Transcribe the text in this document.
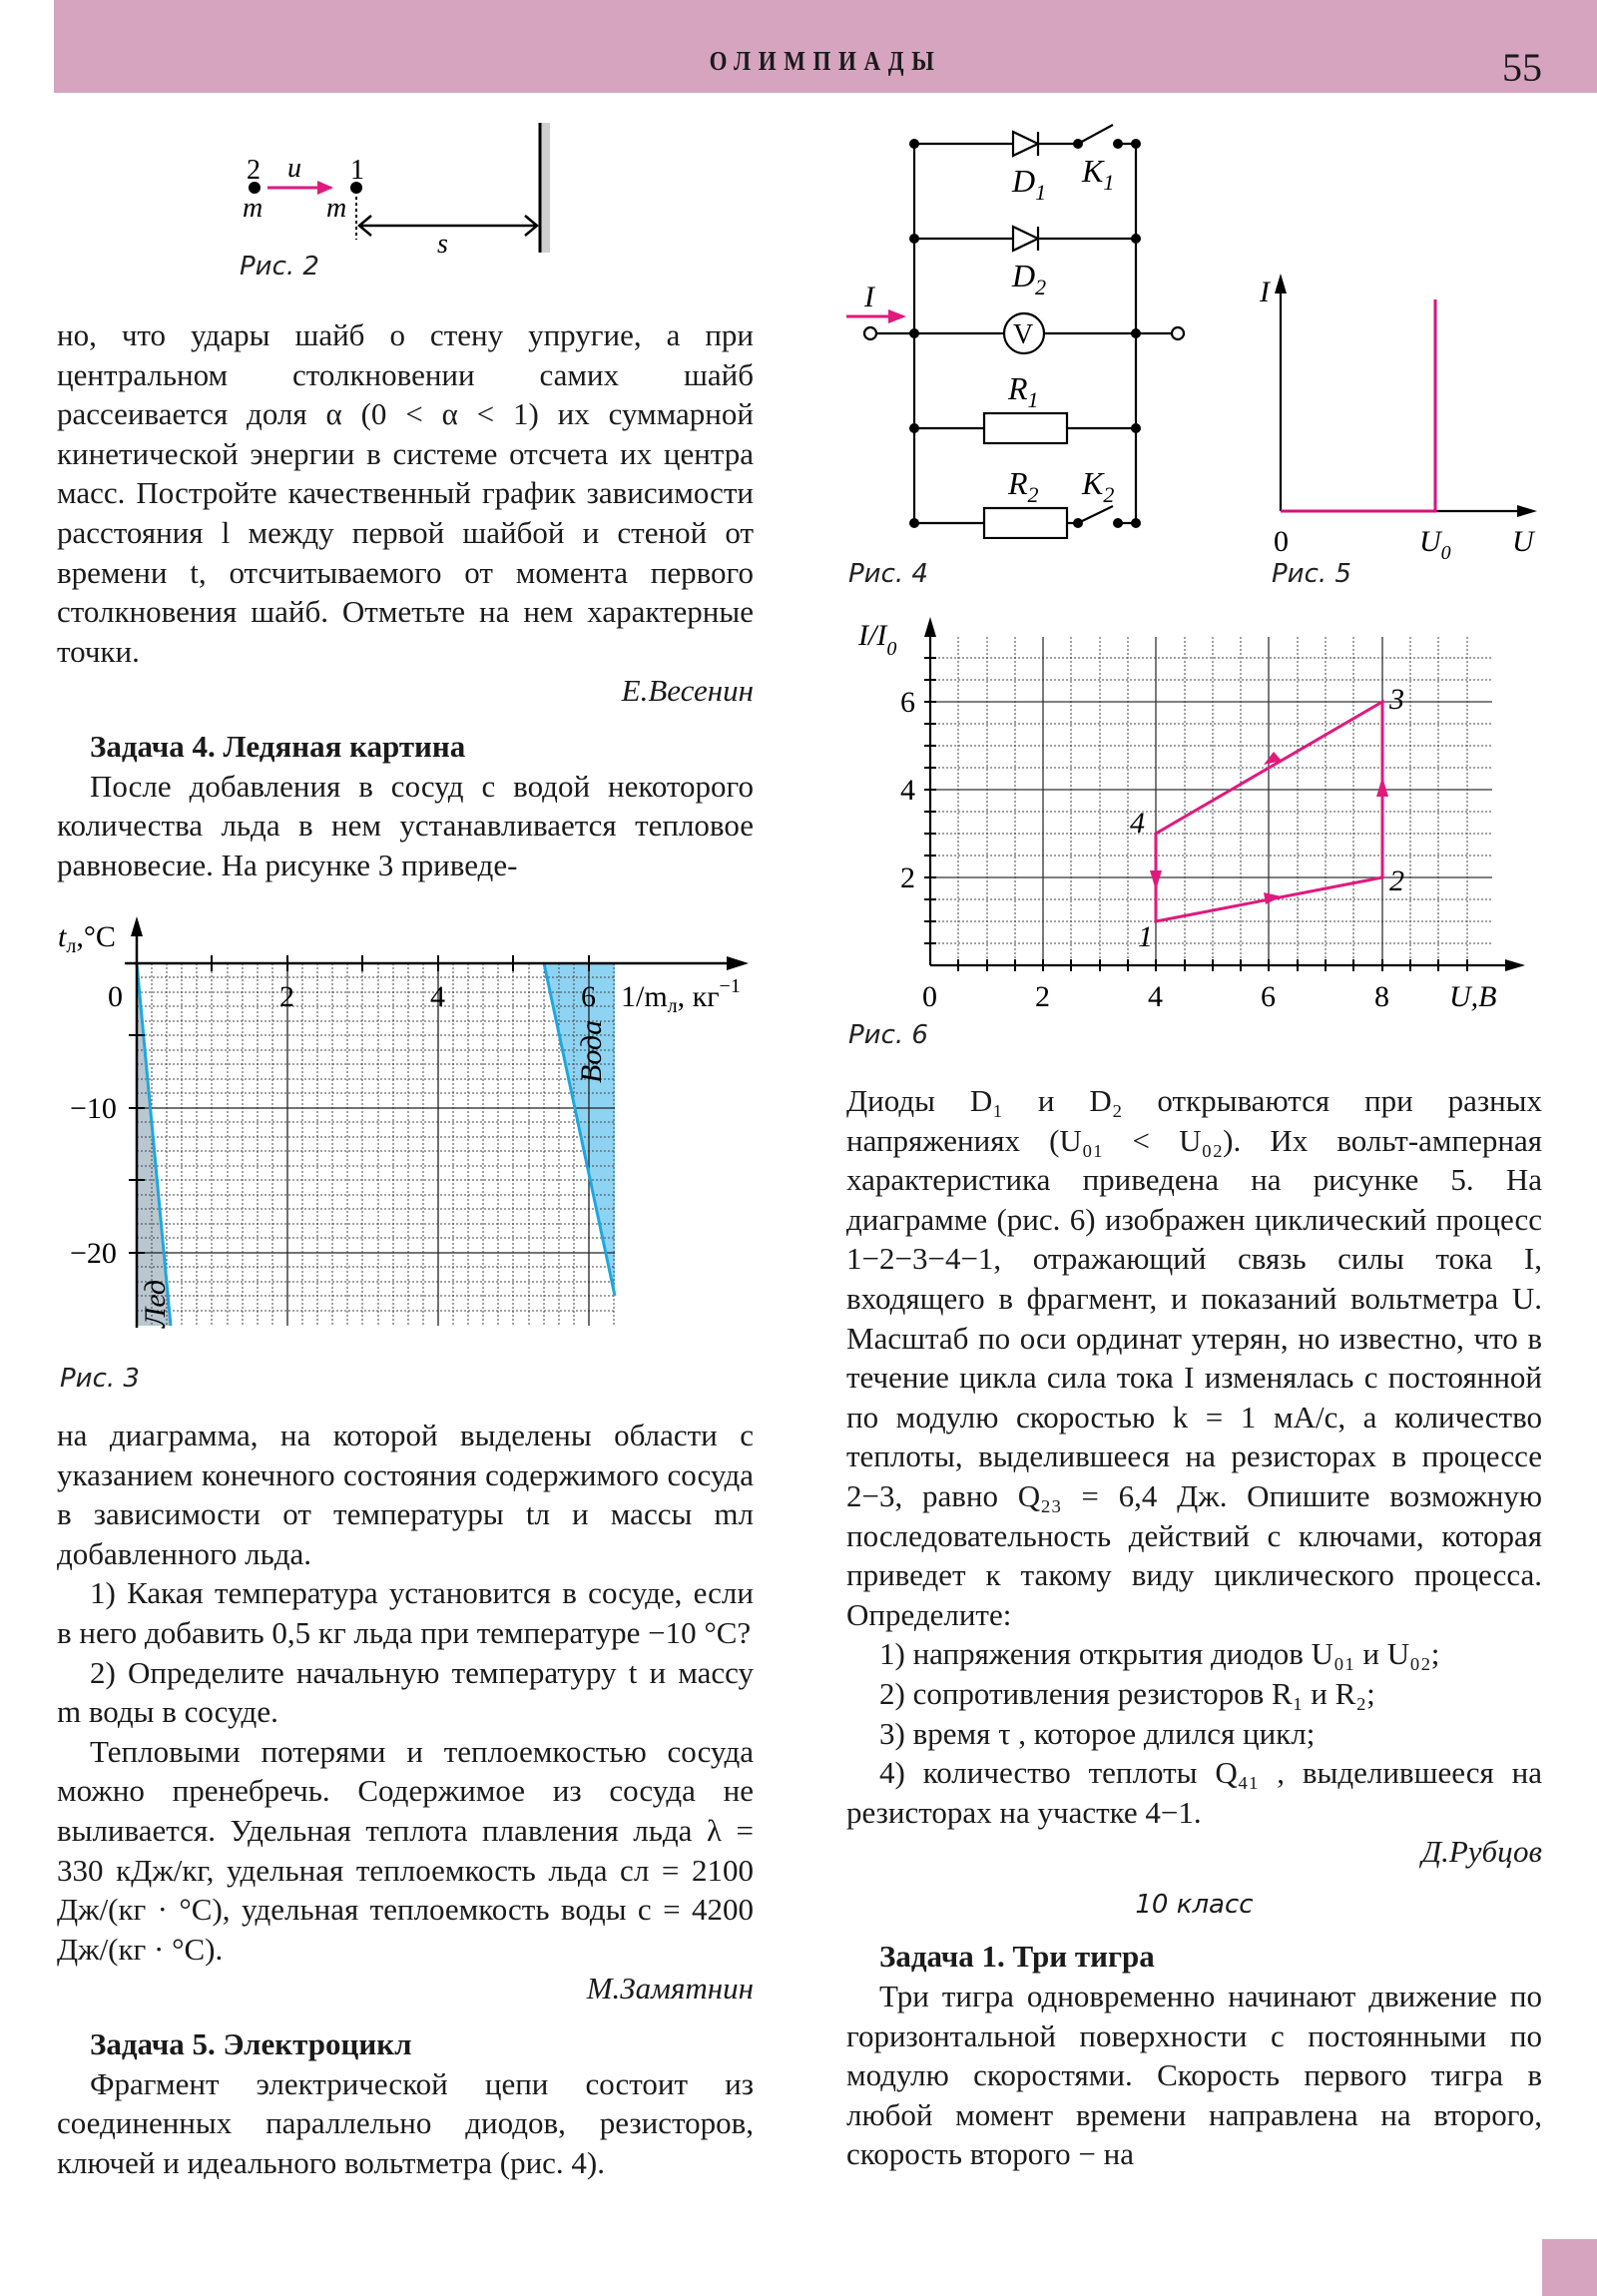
ОЛИМПИАДЫ	55
2	1
m m
u
s
Рис. 2

но, что удары шайб о стену упругие, а при центральном столкновении самих шайб рассеивается доля α (0 < α < 1) их суммарной кинетической энергии в системе отсчета их центра масс. Постройте качественный график зависимости расстояния l между первой шайбой и стеной от времени t, отсчитываемого от момента первого столкновения шайб. Отметьте на нем характерные точки.

Е.Весенин

Задача 4. Ледяная картина

После добавления в сосуд с водой некоторого количества льда в нем устанавливается тепловое равновесие. На рисунке 3 приведе-

2	4	6
0
−10
−20
$t_л,^\circ C$
$1/m_л$, $кг^{-1}$
Лед
Вода
Рис. 3

на диаграмма, на которой выделены области с указанием конечного состояния содержимого сосуда в зависимости от температуры tл и массы mл добавленного льда.

1) Какая температура установится в сосуде, если в него добавить 0,5 кг льда при температуре −10 °C?

2) Определите начальную температуру t и массу m воды в сосуде.

Тепловыми потерями и теплоемкостью сосуда можно пренебречь. Содержимое из сосуда не выливается. Удельная теплота плавления льда λ = 330 кДж/кг, удельная теплоемкость льда cл = 2100 Дж/(кг · °C), удельная теплоемкость воды c = 4200 Дж/(кг · °C).

М.Замятнин

Задача 5. Электроцикл

Фрагмент электрической цепи состоит из соединенных параллельно диодов, резисторов, ключей и идеального вольтметра (рис. 4).

I
$D_1$
$K_1$
$D_2$
V
$R_1$
$R_2$ $K_2$
Рис. 4
I
0	$U_0$ U
Рис. 5
1
2
3
4
0	2	4	6	8 U,B
2
4
6
$I/I_0$
Рис. 6

Диоды D₁ и D₂ открываются при разных напряжениях (U₀₁ < U₀₂). Их вольт-амперная характеристика приведена на рисунке 5. На диаграмме (рис. 6) изображен циклический процесс 1−2−3−4−1, отражающий связь силы тока I, входящего в фрагмент, и показаний вольтметра U. Масштаб по оси ординат утерян, но известно, что в течение цикла сила тока I изменялась с постоянной по модулю скоростью k = 1 мА/с, а количество теплоты, выделившееся на резисторах в процессе 2−3, равно Q₂₃ = 6,4 Дж. Опишите возможную последовательность действий с ключами, которая приведет к такому виду циклического процесса. Определите:

1) напряжения открытия диодов U₀₁ и U₀₂;

2) сопротивления резисторов R₁ и R₂;

3) время τ , которое длился цикл;

4) количество теплоты Q₄₁ , выделившееся на резисторах на участке 4−1.

Д.Рубцов

10 класс

Задача 1. Три тигра

Три тигра одновременно начинают движение по горизонтальной поверхности с постоянными по модулю скоростями. Скорость первого тигра в любой момент времени направлена на второго, скорость второго − на
